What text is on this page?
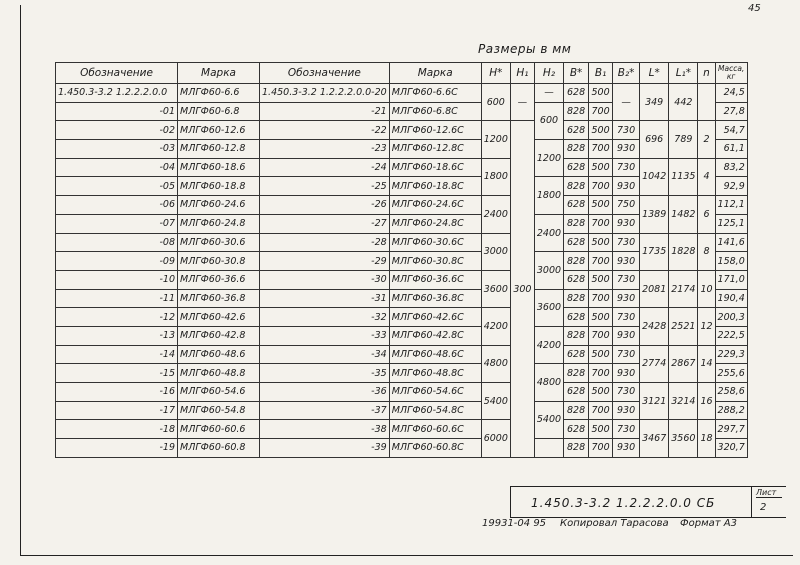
45
Размеры в мм
Обозначение	Марка	Обозначение	Марка	H*	H₁	H₂	B*	B₁	B₂*	L*	L₁*	n	Масса, кг
1.450.3-3.2 1.2.2.2.0.0	МЛГФ60-6.6	1.450.3-3.2 1.2.2.2.0.0-20	МЛГФ60-6.6С	600	—	—	628	500	—	349	442		24,5
-01	МЛГФ60-6.8	-21	МЛГФ60-6.8С			600	828	700					27,8
-02	МЛГФ60-12.6	-22	МЛГФ60-12.6С	1200	300		628	500	730	696	789	2	54,7
-03	МЛГФ60-12.8	-23	МЛГФ60-12.8С			1200	828	700	930				61,1
-04	МЛГФ60-18.6	-24	МЛГФ60-18.6С	1800			628	500	730	1042	1135	4	83,2
-05	МЛГФ60-18.8	-25	МЛГФ60-18.8С			1800	828	700	930				92,9
-06	МЛГФ60-24.6	-26	МЛГФ60-24.6С	2400			628	500	750	1389	1482	6	112,1
-07	МЛГФ60-24.8	-27	МЛГФ60-24.8С			2400	828	700	930				125,1
-08	МЛГФ60-30.6	-28	МЛГФ60-30.6С	3000			628	500	730	1735	1828	8	141,6
-09	МЛГФ60-30.8	-29	МЛГФ60-30.8С			3000	828	700	930				158,0
-10	МЛГФ60-36.6	-30	МЛГФ60-36.6С	3600			628	500	730	2081	2174	10	171,0
-11	МЛГФ60-36.8	-31	МЛГФ60-36.8С			3600	828	700	930				190,4
-12	МЛГФ60-42.6	-32	МЛГФ60-42.6С	4200			628	500	730	2428	2521	12	200,3
-13	МЛГФ60-42.8	-33	МЛГФ60-42.8С			4200	828	700	930				222,5
-14	МЛГФ60-48.6	-34	МЛГФ60-48.6С	4800			628	500	730	2774	2867	14	229,3
-15	МЛГФ60-48.8	-35	МЛГФ60-48.8С			4800	828	700	930				255,6
-16	МЛГФ60-54.6	-36	МЛГФ60-54.6С	5400			628	500	730	3121	3214	16	258,6
-17	МЛГФ60-54.8	-37	МЛГФ60-54.8С			5400	828	700	930				288,2
-18	МЛГФ60-60.6	-38	МЛГФ60-60.6С	6000			628	500	730	3467	3560	18	297,7
-19	МЛГФ60-60.8	-39	МЛГФ60-60.8С				828	700	930				320,7
1.450.3-3.2 1.2.2.2.0.0 СБ
Лист
2
19931-04 95 Копировал Тарасова Формат А3
